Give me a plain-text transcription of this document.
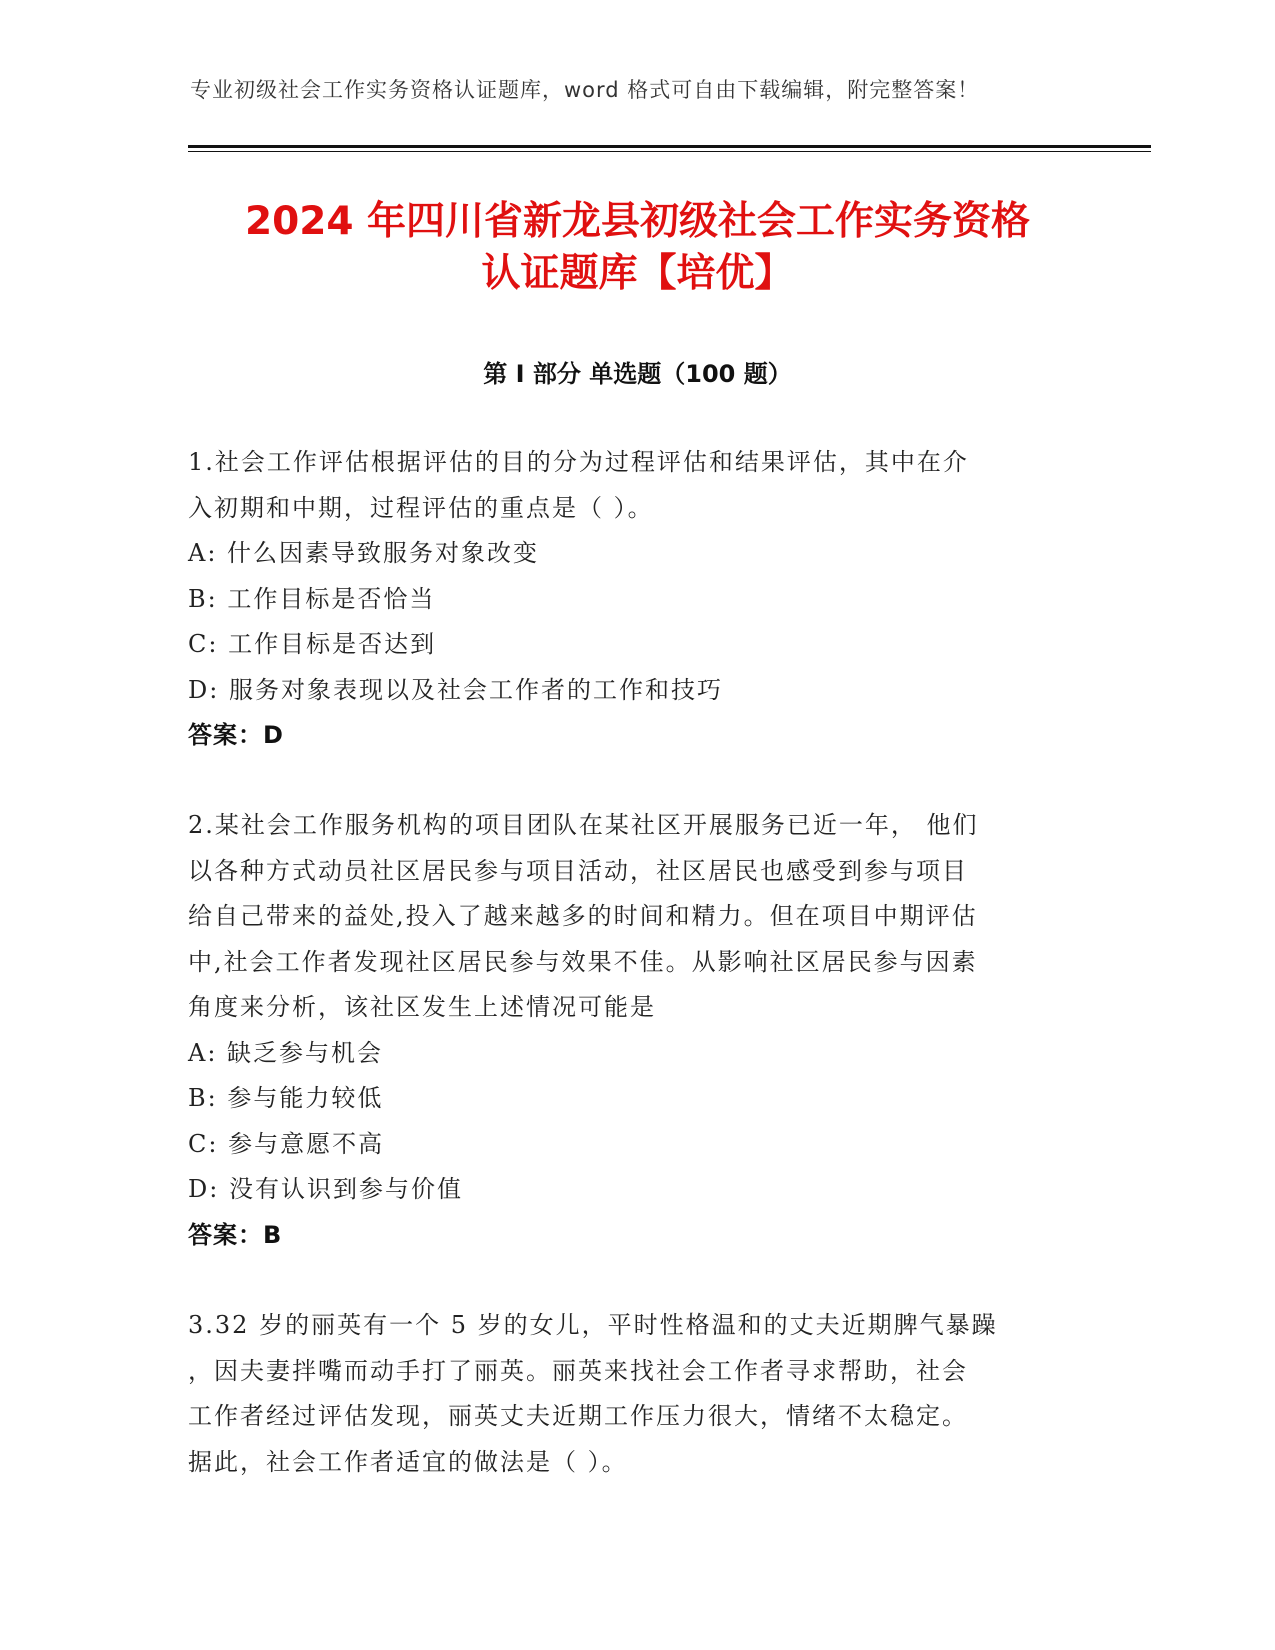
专业初级社会工作实务资格认证题库，word 格式可自由下载编辑，附完整答案！
2024 年四川省新龙县初级社会工作实务资格
认证题库【培优】
第 I 部分 单选题（100 题）
1.社会工作评估根据评估的目的分为过程评估和结果评估，其中在介
入初期和中期，过程评估的重点是（ ）。
A: 什么因素导致服务对象改变
B: 工作目标是否恰当
C: 工作目标是否达到
D: 服务对象表现以及社会工作者的工作和技巧
答案：D
2.某社会工作服务机构的项目团队在某社区开展服务已近一年， 他们
以各种方式动员社区居民参与项目活动，社区居民也感受到参与项目
给自己带来的益处,投入了越来越多的时间和精力。但在项目中期评估
中,社会工作者发现社区居民参与效果不佳。从影响社区居民参与因素
角度来分析，该社区发生上述情况可能是
A: 缺乏参与机会
B: 参与能力较低
C: 参与意愿不高
D: 没有认识到参与价值
答案：B
3.32 岁的丽英有一个 5 岁的女儿，平时性格温和的丈夫近期脾气暴躁
，因夫妻拌嘴而动手打了丽英。丽英来找社会工作者寻求帮助，社会
工作者经过评估发现，丽英丈夫近期工作压力很大，情绪不太稳定。
据此，社会工作者适宜的做法是（ ）。
